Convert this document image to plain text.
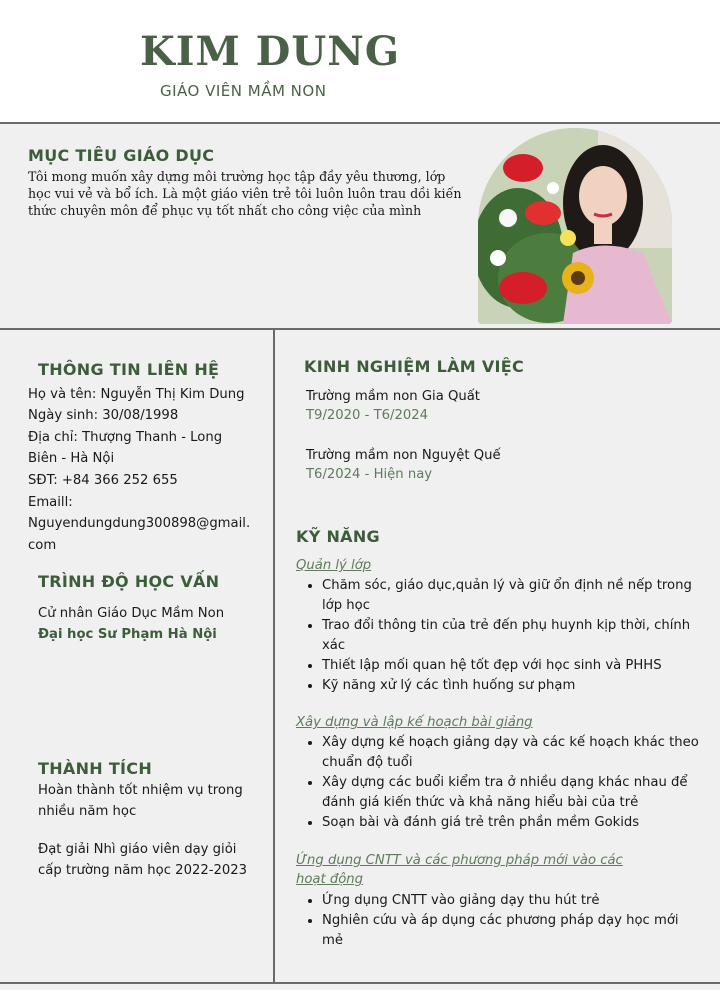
KIM DUNG

GIÁO VIÊN MẦM NON

MỤC TIÊU GIÁO DỤC

Tôi mong muốn xây dựng môi trường học tập đầy yêu thương, lớp học vui vẻ và bổ ích. Là một giáo viên trẻ tôi luôn luôn trau dồi kiến thức chuyên môn để phục vụ tốt nhất cho công việc của mình

THÔNG TIN LIÊN HỆ

Họ và tên: Nguyễn Thị Kim Dung

Ngày sinh: 30/08/1998

Địa chỉ: Thượng Thanh - Long

Biên - Hà Nội

SĐT: +84 366 252 655

Emaill:

Nguyendungdung300898@gmail.

com

TRÌNH ĐỘ HỌC VẤN

Cử nhân Giáo Dục Mầm Non

Đại học Sư Phạm Hà Nội

THÀNH TÍCH

Hoàn thành tốt nhiệm vụ trong

nhiều năm học

Đạt giải Nhì giáo viên dạy giỏi

cấp trường năm học 2022-2023

KINH NGHIỆM LÀM VIỆC

Trường mầm non Gia Quất

T9/2020 - T6/2024

Trường mầm non Nguyệt Quế

T6/2024 - Hiện nay

KỸ NĂNG

Quản lý lớp

• Chăm sóc, giáo dục,quản lý và giữ ổn định nề nếp trong lớp học
• Trao đổi thông tin của trẻ đến phụ huynh kịp thời, chính xác
• Thiết lập mối quan hệ tốt đẹp với học sinh và PHHS
• Kỹ năng xử lý các tình huống sư phạm

Xây dựng và lập kế hoạch bài giảng

• Xây dựng kế hoạch giảng dạy và các kế hoạch khác theo chuẩn độ tuổi
• Xây dựng các buổi kiểm tra ở nhiều dạng khác nhau để đánh giá kiến thức và khả năng hiểu bài của trẻ
• Soạn bài và đánh giá trẻ trên phần mềm Gokids

Ứng dụng CNTT và các phương pháp mới vào các hoạt động

• Ứng dụng CNTT vào giảng dạy thu hút trẻ
• Nghiên cứu và áp dụng các phương pháp dạy học mới mẻ
